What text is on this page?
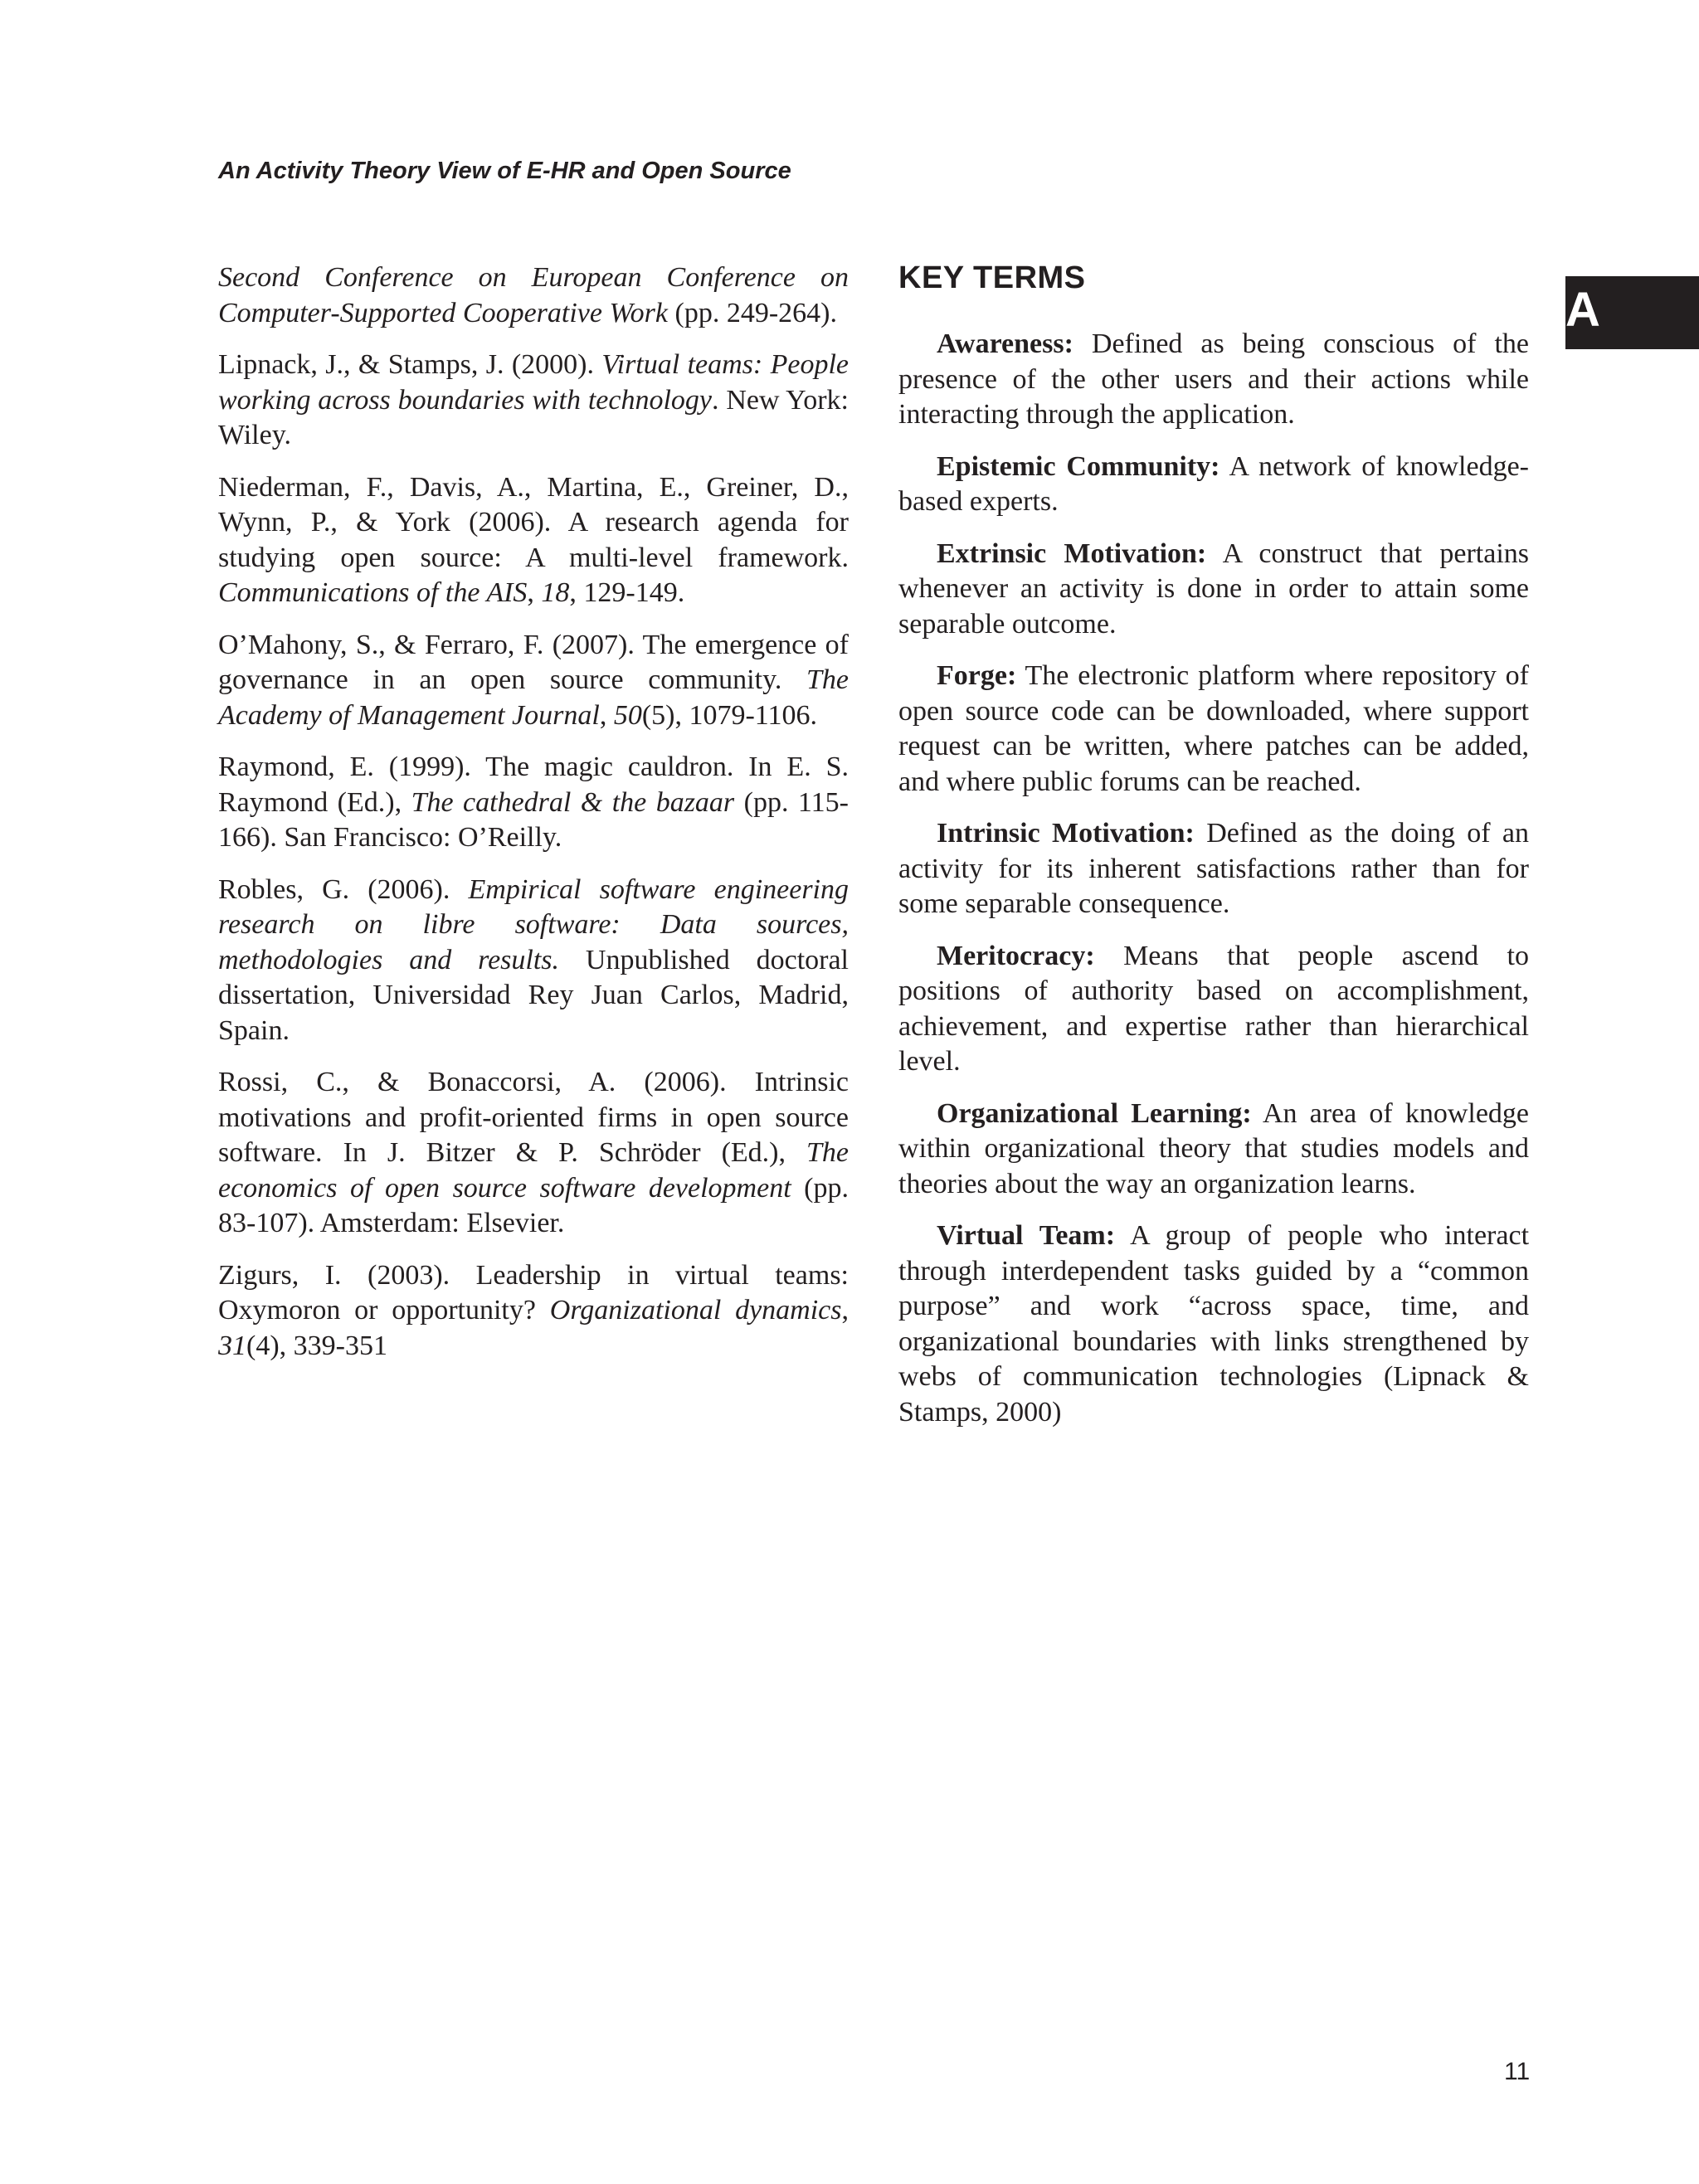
An Activity Theory View of E-HR and Open Source
A
Second Conference on European Conference on Computer-Supported Cooperative Work (pp. 249-264).
Lipnack, J., & Stamps, J. (2000). Virtual teams: People working across boundaries with technology. New York: Wiley.
Niederman, F., Davis, A., Martina, E., Greiner, D., Wynn, P., & York (2006). A research agenda for studying open source: A multi-level framework. Communications of the AIS, 18, 129-149.
O’Mahony, S., & Ferraro, F. (2007). The emergence of governance in an open source community. The Academy of Management Journal, 50(5), 1079-1106.
Raymond, E. (1999). The magic cauldron. In E. S. Raymond (Ed.), The cathedral & the bazaar (pp. 115-166). San Francisco: O’Reilly.
Robles, G. (2006). Empirical software engineering research on libre software: Data sources, methodologies and results. Unpublished doctoral dissertation, Universidad Rey Juan Carlos, Madrid, Spain.
Rossi, C., & Bonaccorsi, A. (2006). Intrinsic motivations and profit-oriented firms in open source software. In J. Bitzer & P. Schröder (Ed.), The economics of open source software development (pp. 83-107). Amsterdam: Elsevier.
Zigurs, I. (2003). Leadership in virtual teams: Oxymoron or opportunity? Organizational dynamics, 31(4), 339-351
KEY TERMS
Awareness: Defined as being conscious of the presence of the other users and their actions while interacting through the application.
Epistemic Community: A network of knowledge-based experts.
Extrinsic Motivation: A construct that pertains whenever an activity is done in order to attain some separable outcome.
Forge: The electronic platform where repository of open source code can be downloaded, where support request can be written, where patches can be added, and where public forums can be reached.
Intrinsic Motivation: Defined as the doing of an activity for its inherent satisfactions rather than for some separable consequence.
Meritocracy: Means that people ascend to positions of authority based on accomplishment, achievement, and expertise rather than hierarchical level.
Organizational Learning: An area of knowledge within organizational theory that studies models and theories about the way an organization learns.
Virtual Team: A group of people who interact through interdependent tasks guided by a “common purpose” and work “across space, time, and organizational boundaries with links strengthened by webs of communication technologies (Lipnack & Stamps, 2000)
11
